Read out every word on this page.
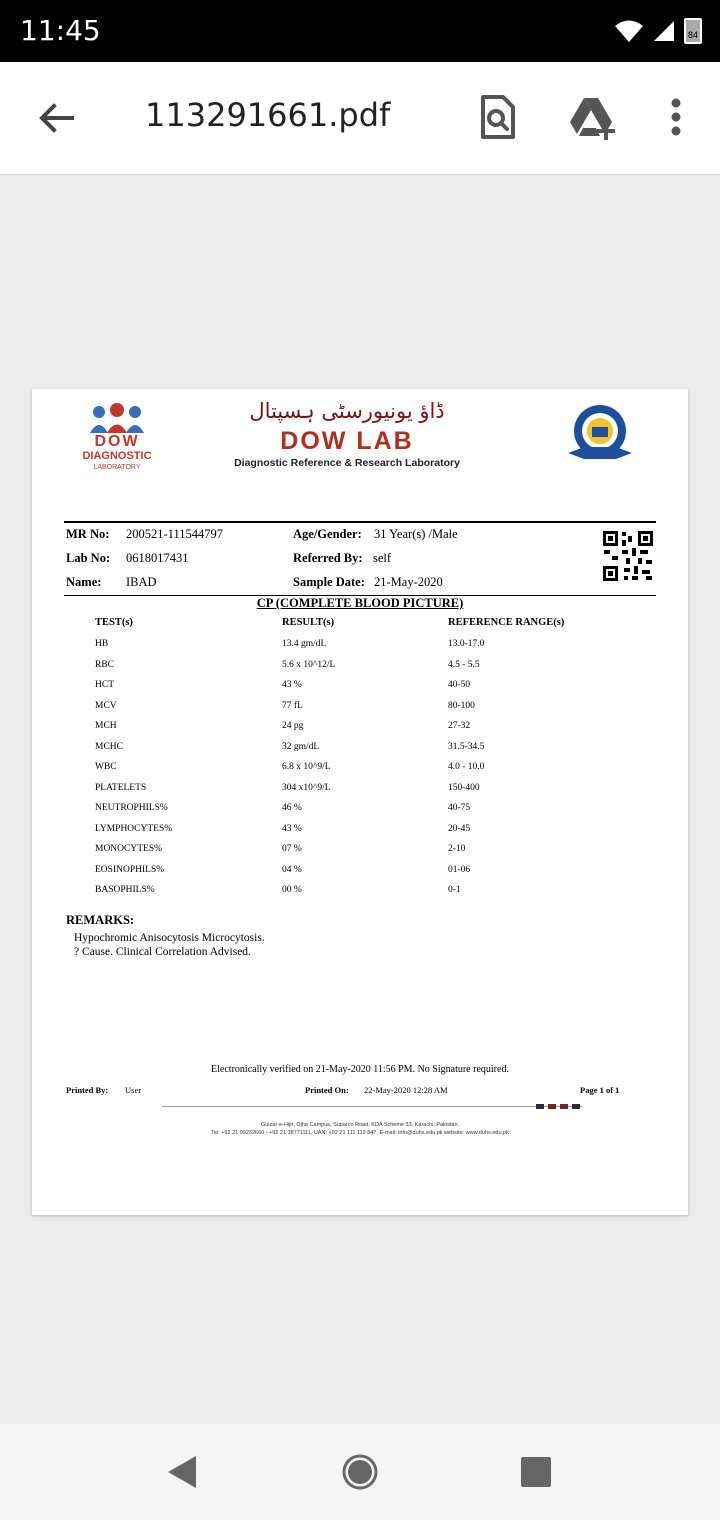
11:45	84
113291661.pdf
DOW
DIAGNOSTIC
LABORATORY
ڈاؤ یونیورسٹی ہسپتال
DOW LAB
Diagnostic Reference & Research Laboratory
MR No: 200521-111544797
Lab No: 0618017431
Name: IBAD
Age/Gender: 31 Year(s) /Male
Referred By: self
Sample Date: 21-May-2020
CP (COMPLETE BLOOD PICTURE)
TEST(s)	RESULT(s)	REFERENCE RANGE(s)
HB	13.4 gm/dL	13.0-17.0
RBC	5.6 x 10^12/L	4.5 - 5.5
HCT	43 %	40-50
MCV	77 fL	80-100
MCH	24 pg	27-32
MCHC	32 gm/dL	31.5-34.5
WBC	6.8 x 10^9/L	4.0 - 10.0
PLATELETS	304 x10^9/L	150-400
NEUTROPHILS%	46 %	40-75
LYMPHOCYTES%	43 %	20-45
MONOCYTES%	07 %	2-10
EOSINOPHILS%	04 %	01-06
BASOPHILS%	00 %	0-1
REMARKS:
Hypochromic Anisocytosis Microcytosis.
? Cause. Clinical Correlation Advised.
Electronically verified on 21-May-2020 11:56 PM. No Signature required.
Printed By: User	Printed On: 22-May-2020 12:28 AM	Page 1 of 1
Gulzar-e-Hijri, Ojha Campus, Suparco Road, KDA Scheme 33, Karachi, Pakistan.
Tel: +92 21 99232660 - +92 21 38771111, UAN: +92 21 111 113 847, E-mail: info@duhs.edu.pk website: www.duhs.edu.pk
